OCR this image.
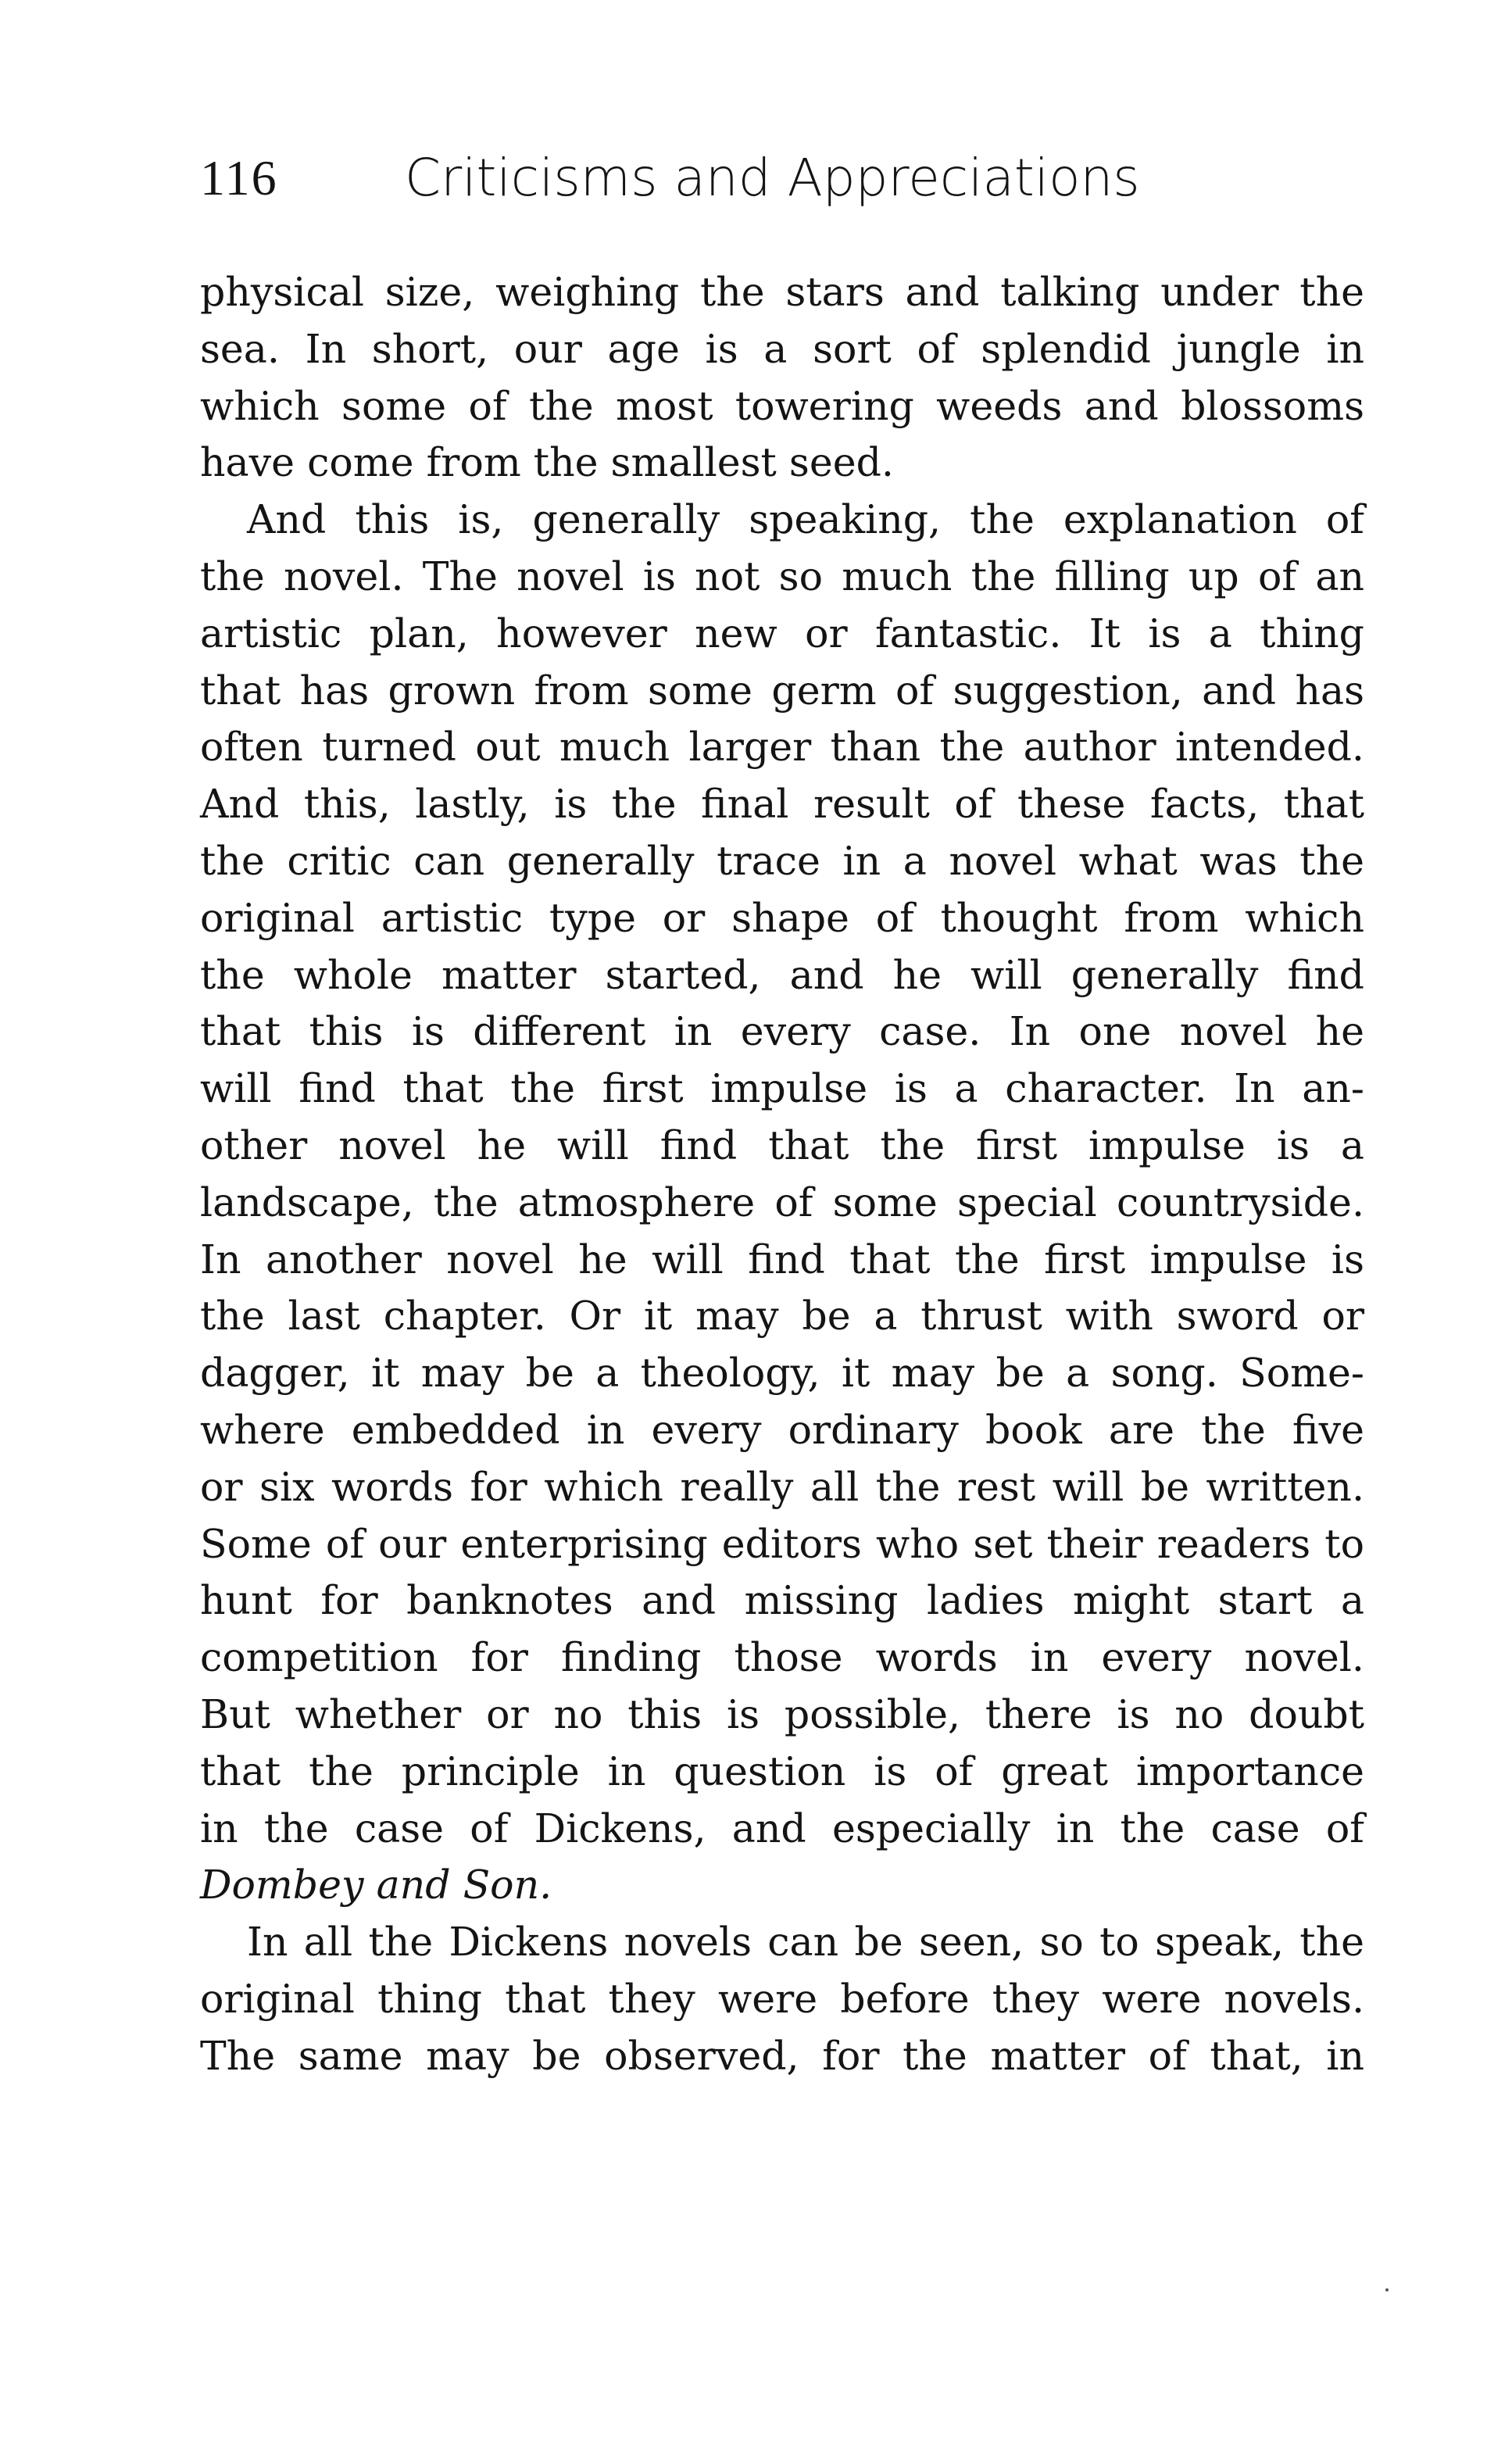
116 Criticisms and Appreciations
physical size, weighing the stars and talking under the
sea. In short, our age is a sort of splendid jungle in
which some of the most towering weeds and blossoms
have come from the smallest seed.
And this is, generally speaking, the explanation of
the novel. The novel is not so much the filling up of an
artistic plan, however new or fantastic. It is a thing
that has grown from some germ of suggestion, and has
often turned out much larger than the author intended.
And this, lastly, is the final result of these facts, that
the critic can generally trace in a novel what was the
original artistic type or shape of thought from which
the whole matter started, and he will generally find
that this is different in every case. In one novel he
will find that the first impulse is a character. In an-
other novel he will find that the first impulse is a
landscape, the atmosphere of some special countryside.
In another novel he will find that the first impulse is
the last chapter. Or it may be a thrust with sword or
dagger, it may be a theology, it may be a song. Some-
where embedded in every ordinary book are the five
or six words for which really all the rest will be written.
Some of our enterprising editors who set their readers to
hunt for banknotes and missing ladies might start a
competition for finding those words in every novel.
But whether or no this is possible, there is no doubt
that the principle in question is of great importance
in the case of Dickens, and especially in the case of
Dombey and Son.
In all the Dickens novels can be seen, so to speak, the
original thing that they were before they were novels.
The same may be observed, for the matter of that, in
